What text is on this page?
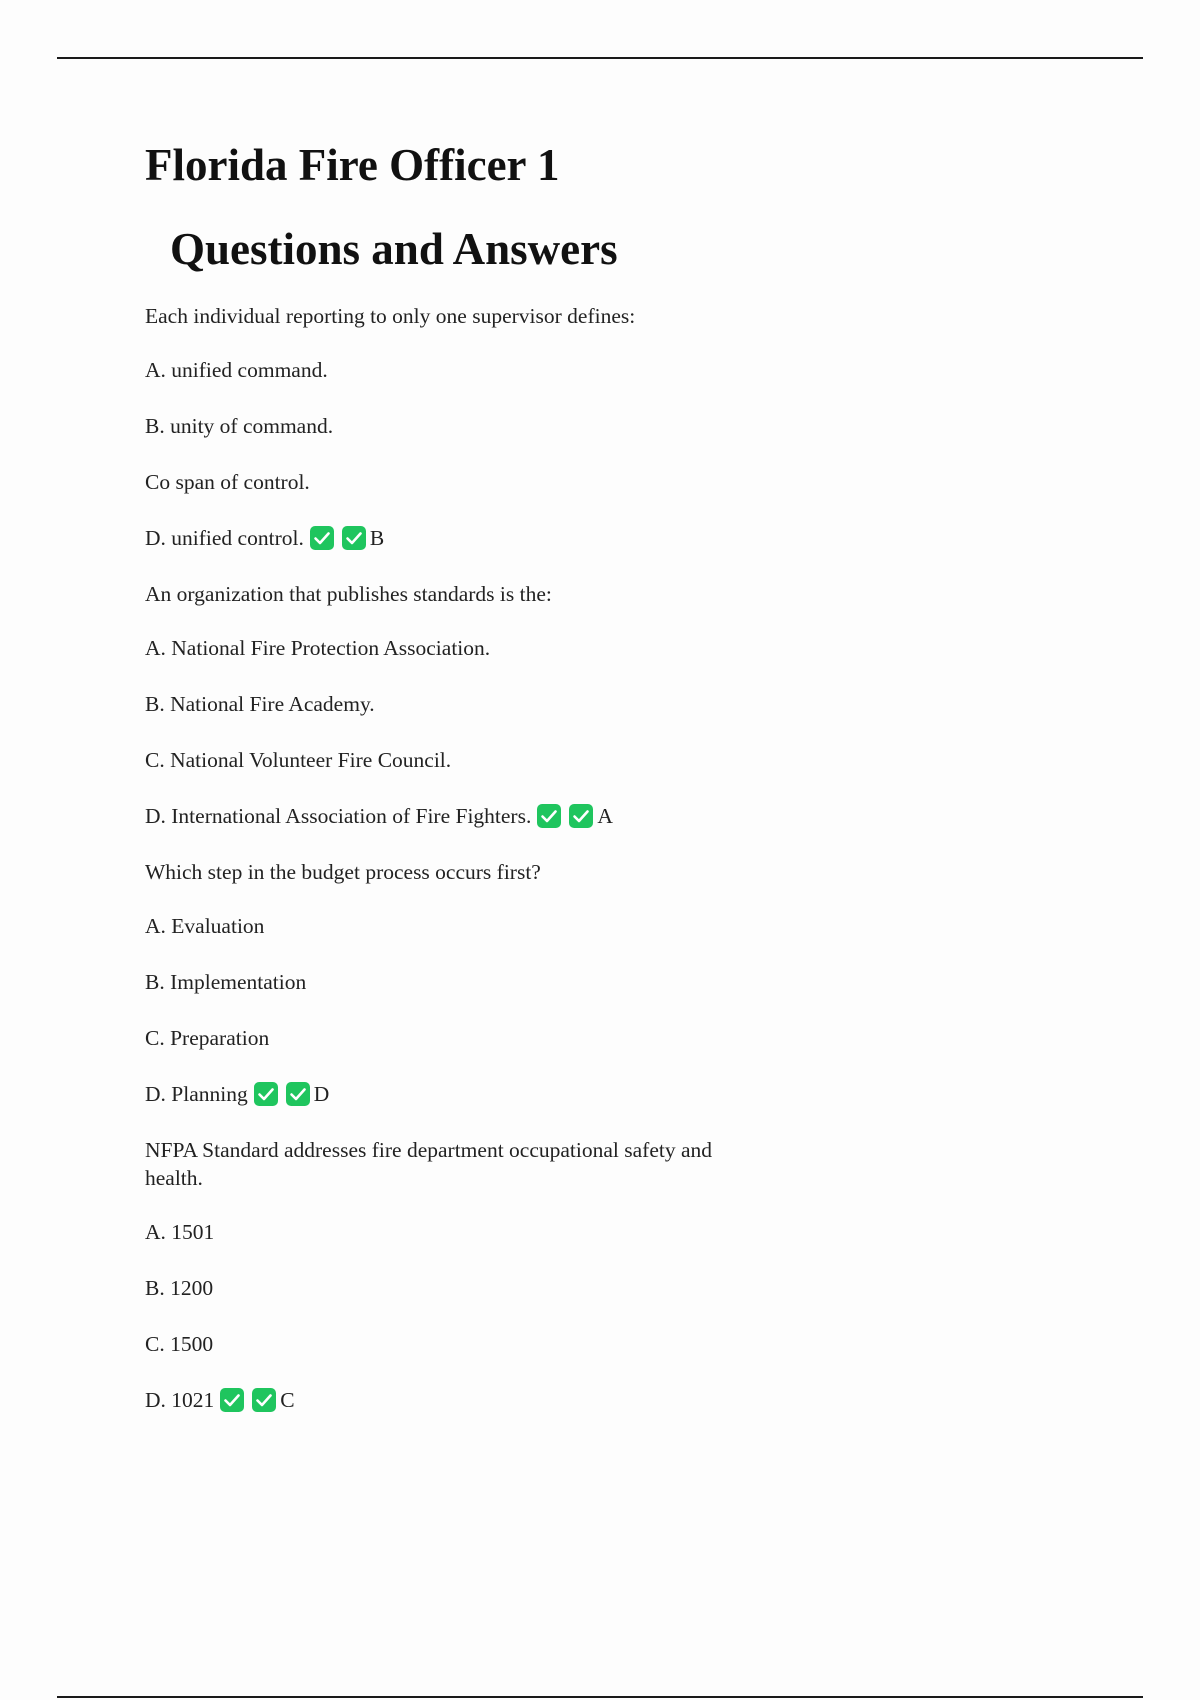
Florida Fire Officer 1
Questions and Answers

Each individual reporting to only one supervisor defines:

A. unified command.
B. unity of command.
Co span of control.
D. unified control.	B

An organization that publishes standards is the:

A. National Fire Protection Association.
B. National Fire Academy.
C. National Volunteer Fire Council.
D. International Association of Fire Fighters.	A

Which step in the budget process occurs first?

A. Evaluation
B. Implementation
C. Preparation
D. Planning	D

NFPA Standard addresses fire department occupational safety and health.

A. 1501
B. 1200
C. 1500
D. 1021	C
